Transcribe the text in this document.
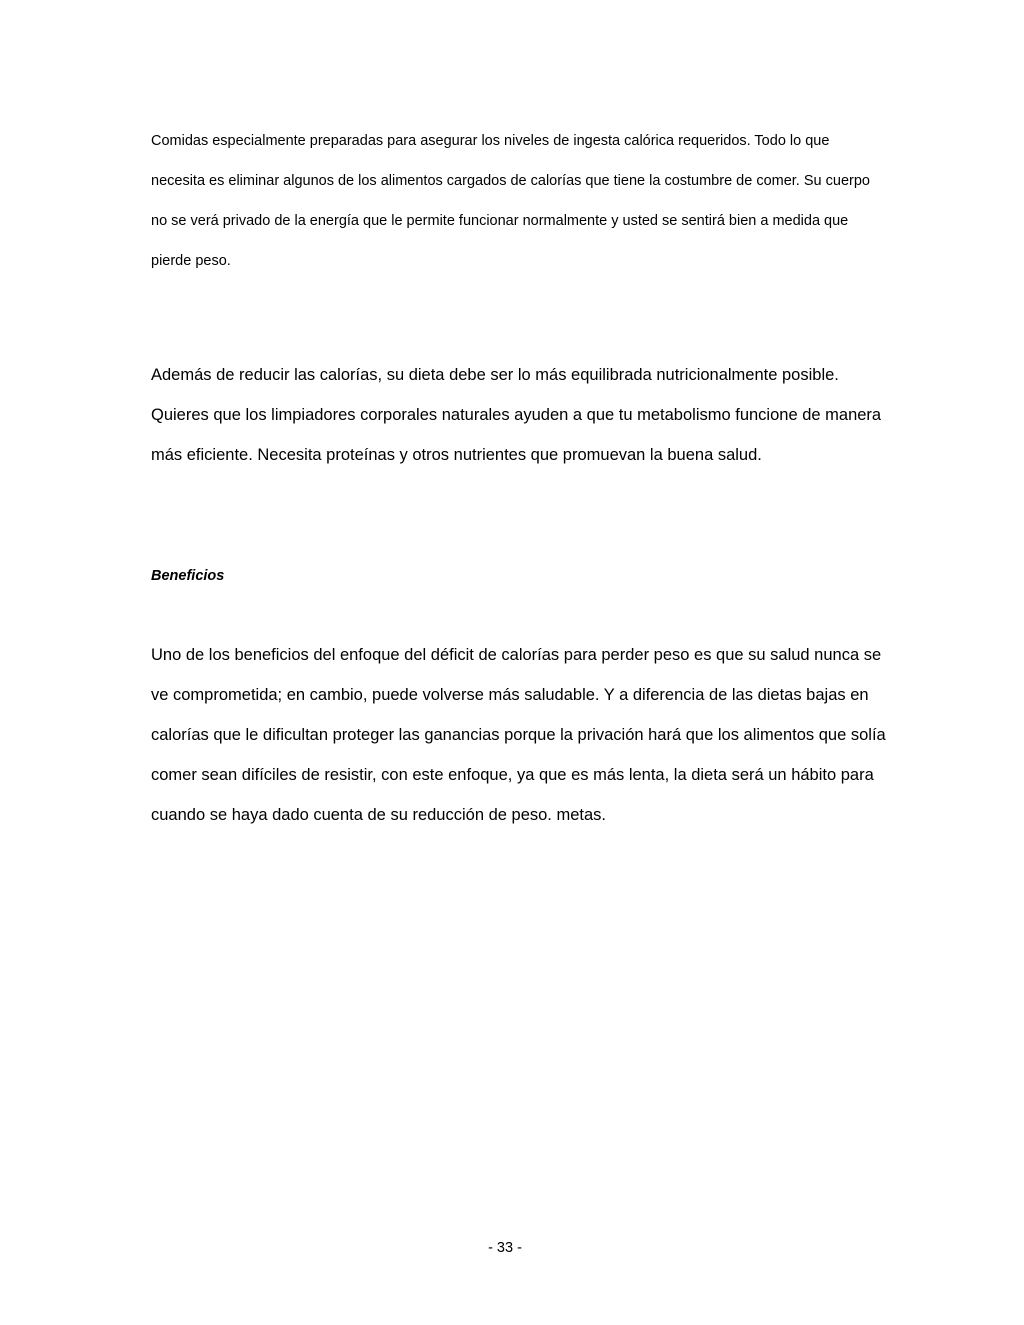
Comidas especialmente preparadas para asegurar los niveles de ingesta calórica requeridos. Todo lo que necesita es eliminar algunos de los alimentos cargados de calorías que tiene la costumbre de comer. Su cuerpo no se verá privado de la energía que le permite funcionar normalmente y usted se sentirá bien a medida que pierde peso.

Además de reducir las calorías, su dieta debe ser lo más equilibrada nutricionalmente posible. Quieres que los limpiadores corporales naturales ayuden a que tu metabolismo funcione de manera más eficiente. Necesita proteínas y otros nutrientes que promuevan la buena salud.

Beneficios

Uno de los beneficios del enfoque del déficit de calorías para perder peso es que su salud nunca se ve comprometida; en cambio, puede volverse más saludable. Y a diferencia de las dietas bajas en calorías que le dificultan proteger las ganancias porque la privación hará que los alimentos que solía comer sean difíciles de resistir, con este enfoque, ya que es más lenta, la dieta será un hábito para cuando se haya dado cuenta de su reducción de peso. metas.

- 33 -
